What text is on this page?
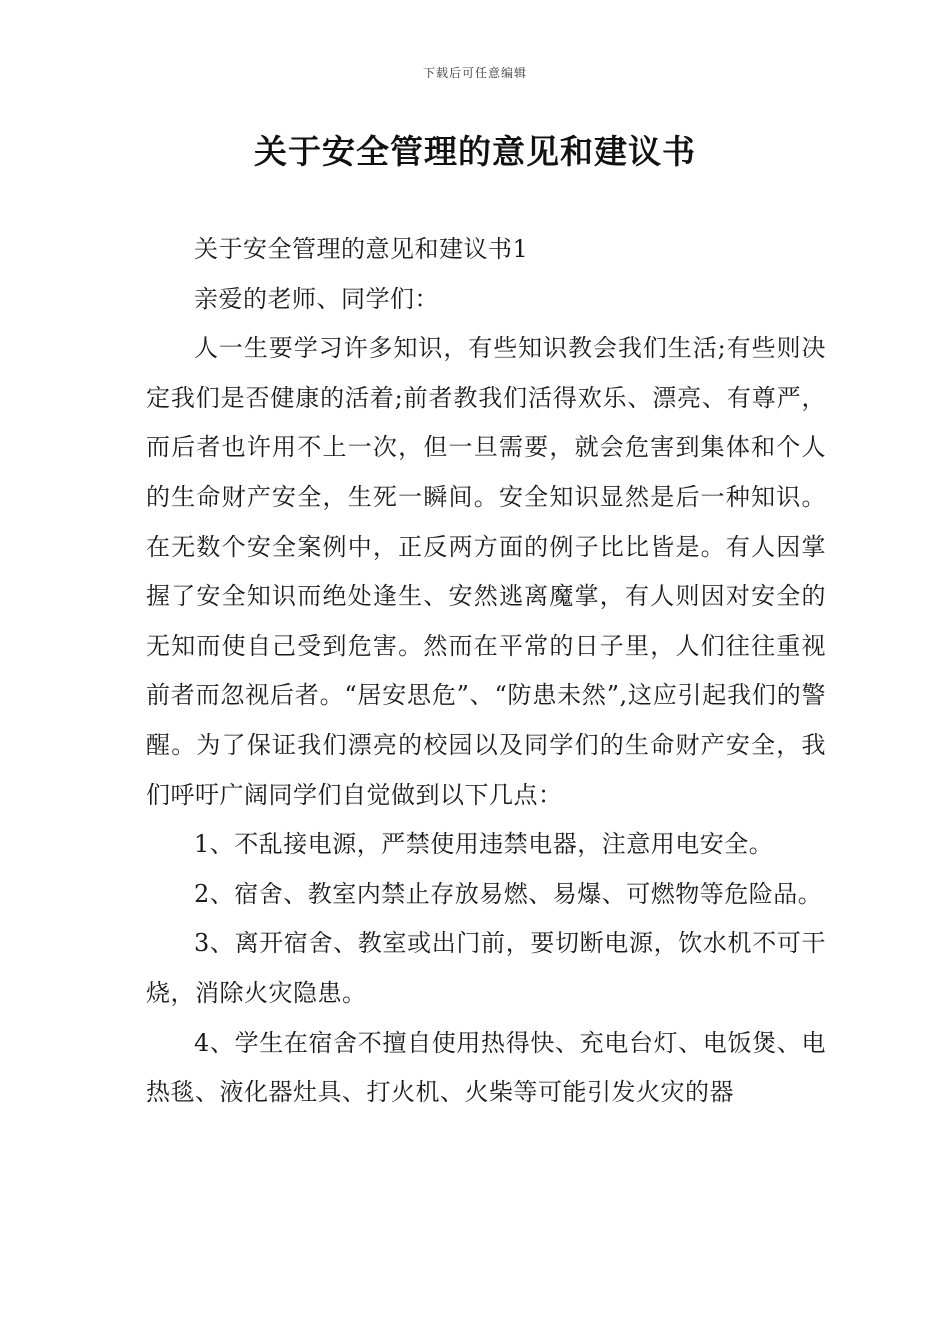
下载后可任意编辑
关于安全管理的意见和建议书

关于安全管理的意见和建议书1

亲爱的老师、同学们：

人一生要学习许多知识，有些知识教会我们生活;有些则决定我们是否健康的活着;前者教我们活得欢乐、漂亮、有尊严，而后者也许用不上一次，但一旦需要，就会危害到集体和个人的生命财产安全，生死一瞬间。安全知识显然是后一种知识。在无数个安全案例中，正反两方面的例子比比皆是。有人因掌握了安全知识而绝处逢生、安然逃离魔掌，有人则因对安全的无知而使自己受到危害。然而在平常的日子里，人们往往重视前者而忽视后者。“居安思危”、“防患未然”,这应引起我们的警醒。为了保证我们漂亮的校园以及同学们的生命财产安全，我们呼吁广阔同学们自觉做到以下几点：

1、不乱接电源，严禁使用违禁电器，注意用电安全。

2、宿舍、教室内禁止存放易燃、易爆、可燃物等危险品。

3、离开宿舍、教室或出门前，要切断电源，饮水机不可干烧，消除火灾隐患。

4、学生在宿舍不擅自使用热得快、充电台灯、电饭煲、电热毯、液化器灶具、打火机、火柴等可能引发火灾的器
